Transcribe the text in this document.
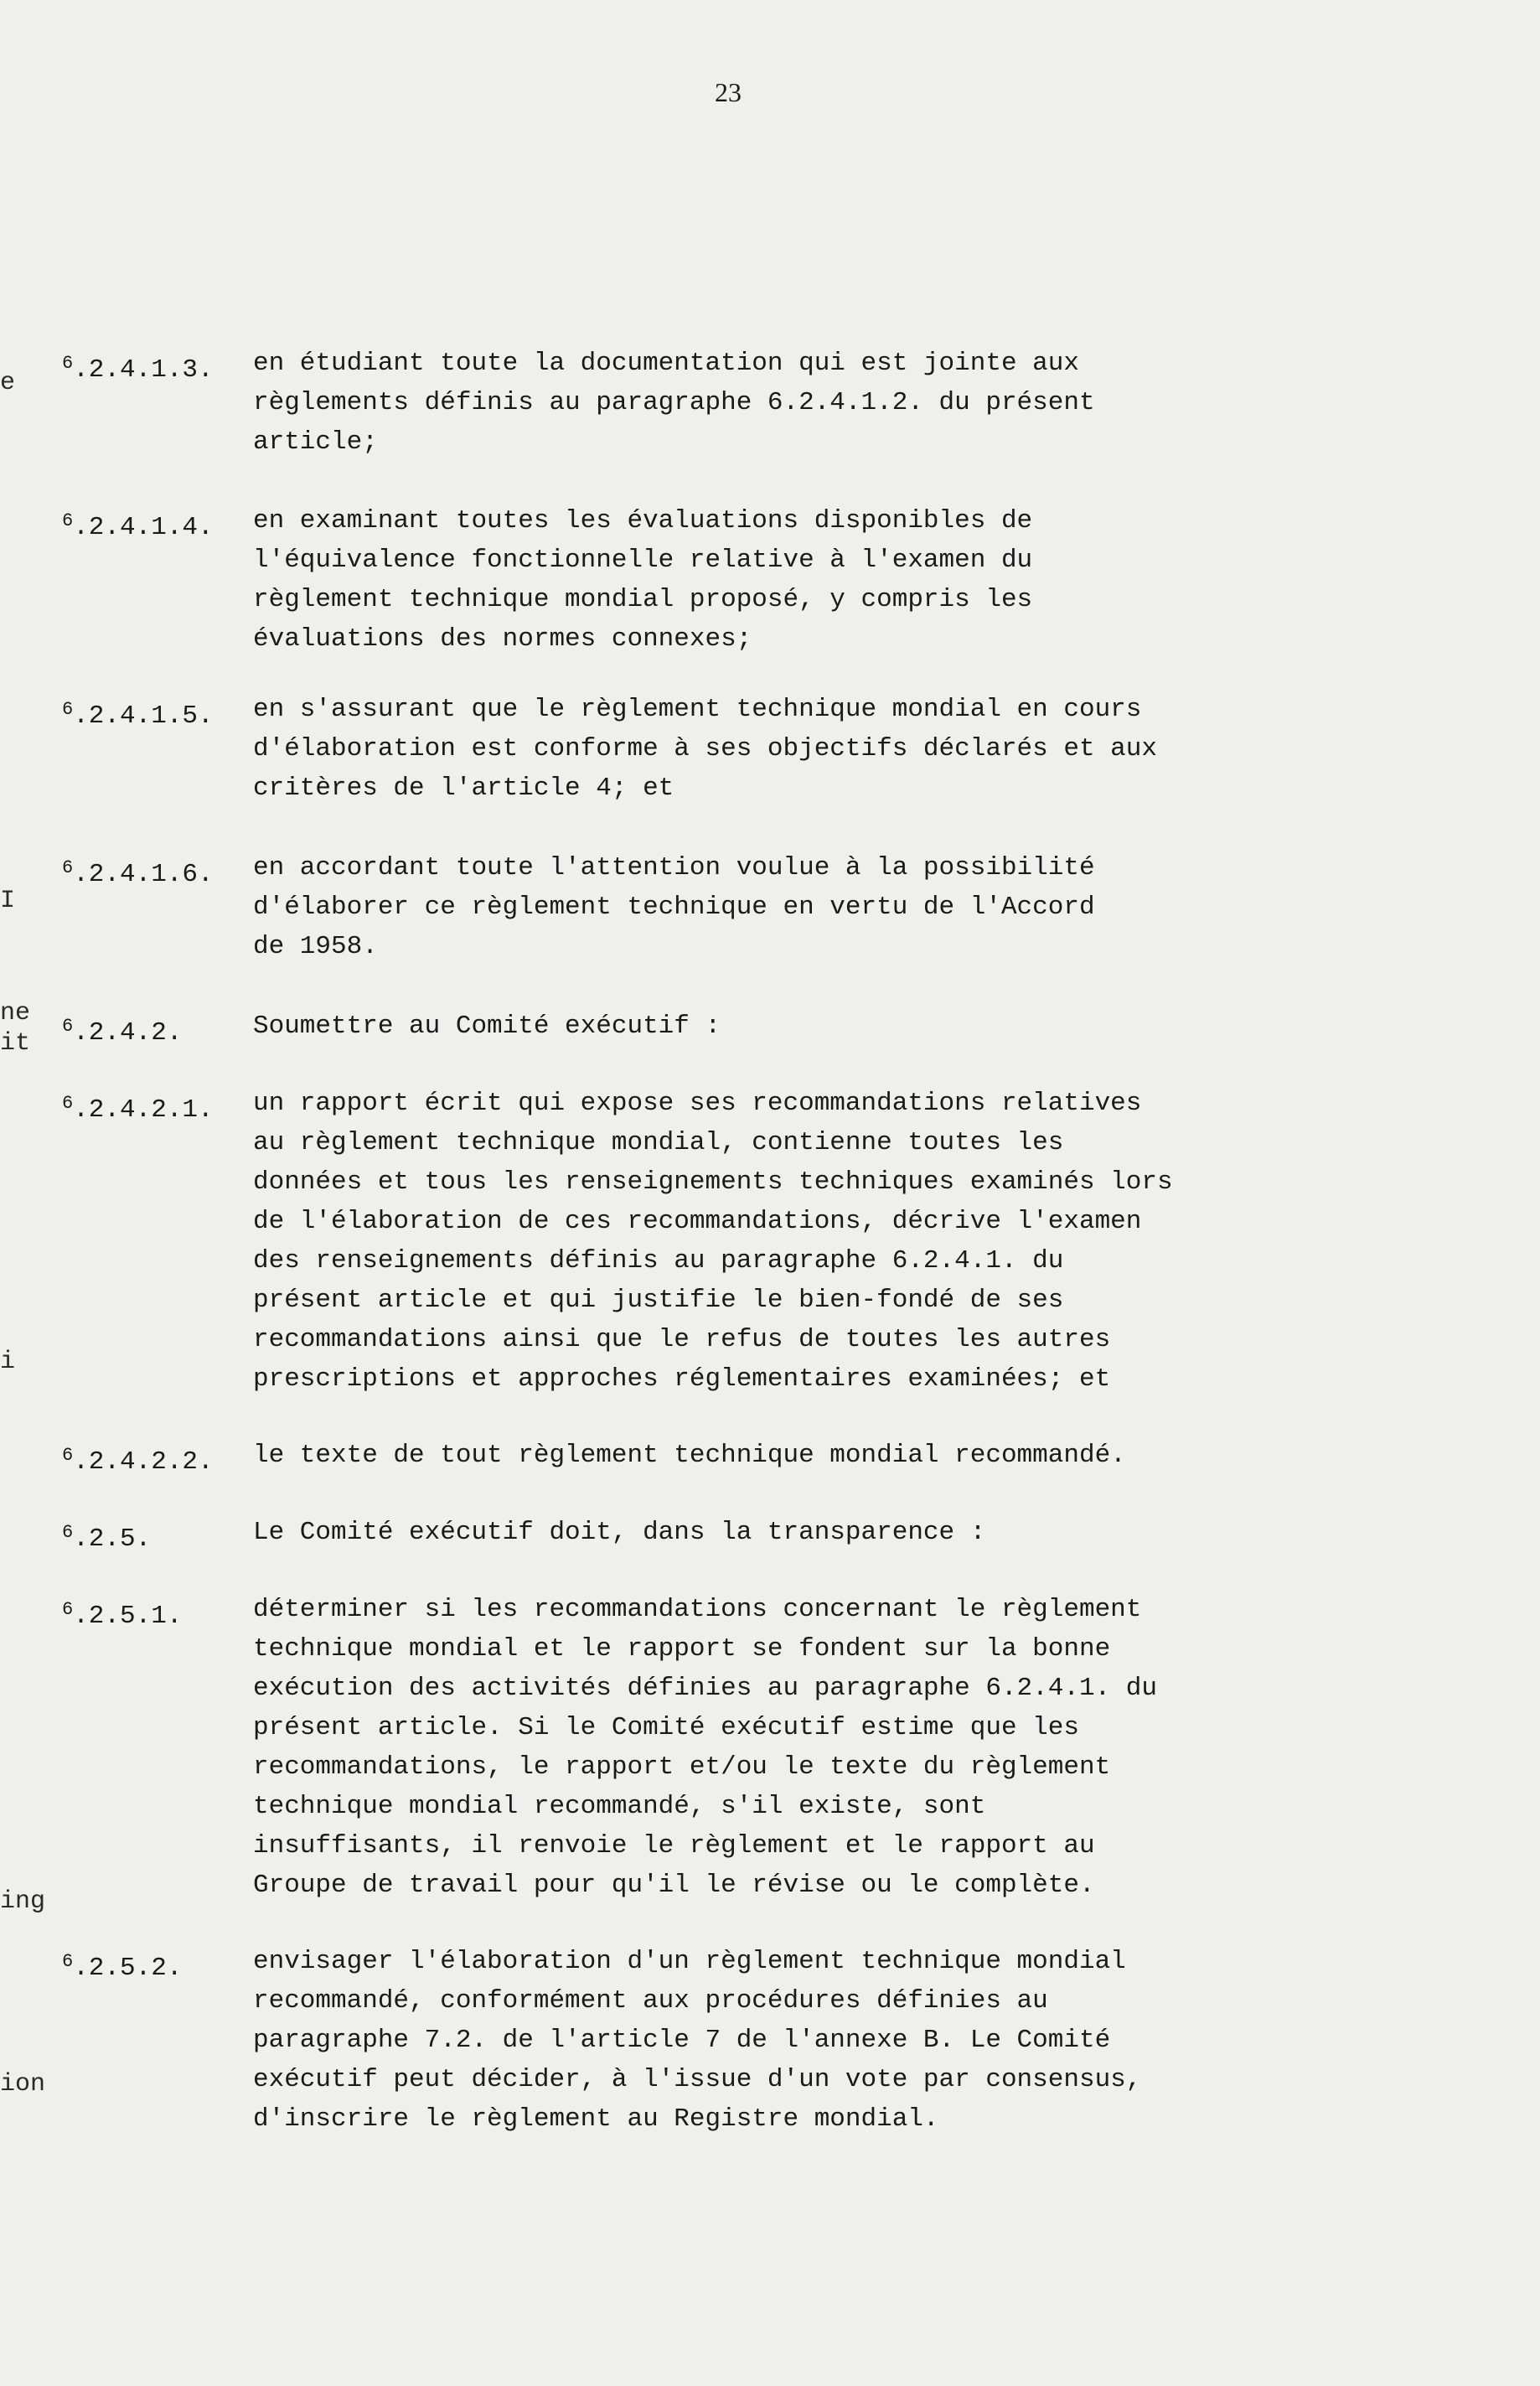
23
e
I
ne
it
i
ing
ion
$^6$.2.4.1.3. en étudiant toute la documentation qui est jointe aux
règlements définis au paragraphe 6.2.4.1.2. du présent
article;
$^6$.2.4.1.4. en examinant toutes les évaluations disponibles de
l'équivalence fonctionnelle relative à l'examen du
règlement technique mondial proposé, y compris les
évaluations des normes connexes;
$^6$.2.4.1.5. en s'assurant que le règlement technique mondial en cours
d'élaboration est conforme à ses objectifs déclarés et aux
critères de l'article 4; et
$^6$.2.4.1.6. en accordant toute l'attention voulue à la possibilité
d'élaborer ce règlement technique en vertu de l'Accord
de 1958.
$^6$.2.4.2.	Soumettre au Comité exécutif :
$^6$.2.4.2.1. un rapport écrit qui expose ses recommandations relatives
au règlement technique mondial, contienne toutes les
données et tous les renseignements techniques examinés lors
de l'élaboration de ces recommandations, décrive l'examen
des renseignements définis au paragraphe 6.2.4.1. du
présent article et qui justifie le bien-fondé de ses
recommandations ainsi que le refus de toutes les autres
prescriptions et approches réglementaires examinées; et
$^6$.2.4.2.2. le texte de tout règlement technique mondial recommandé.
$^6$.2.5.	Le Comité exécutif doit, dans la transparence :
$^6$.2.5.1.	déterminer si les recommandations concernant le règlement
technique mondial et le rapport se fondent sur la bonne
exécution des activités définies au paragraphe 6.2.4.1. du
présent article. Si le Comité exécutif estime que les
recommandations, le rapport et/ou le texte du règlement
technique mondial recommandé, s'il existe, sont
insuffisants, il renvoie le règlement et le rapport au
Groupe de travail pour qu'il le révise ou le complète.
$^6$.2.5.2.	envisager l'élaboration d'un règlement technique mondial
recommandé, conformément aux procédures définies au
paragraphe 7.2. de l'article 7 de l'annexe B. Le Comité
exécutif peut décider, à l'issue d'un vote par consensus,
d'inscrire le règlement au Registre mondial.
